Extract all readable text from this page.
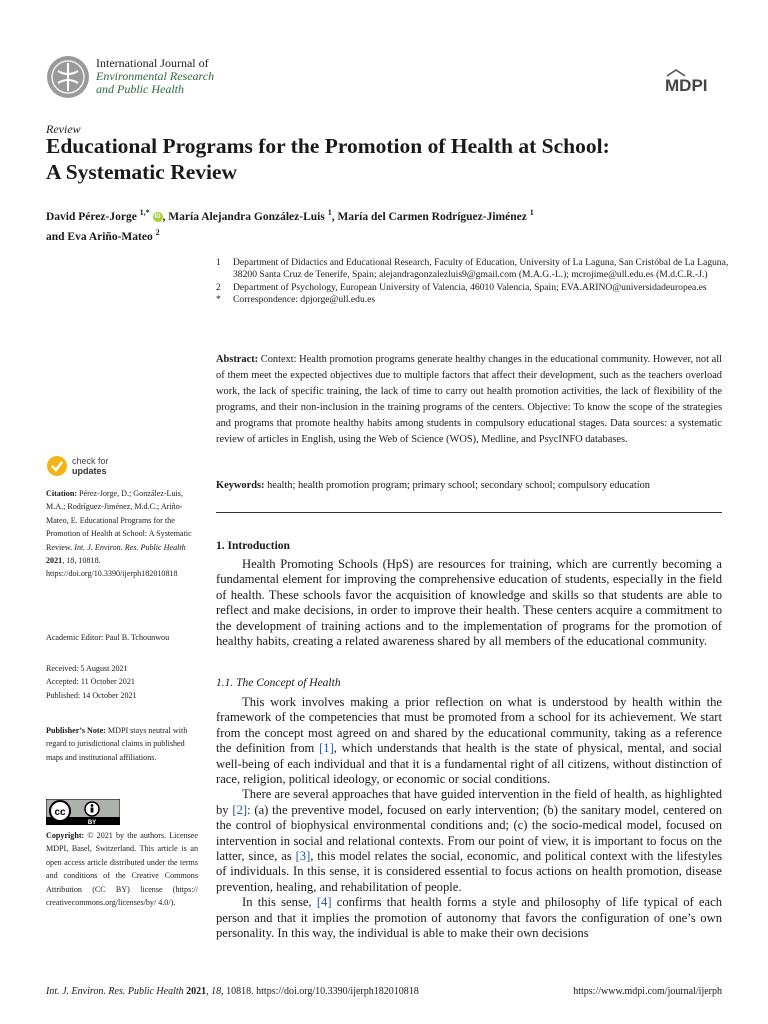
International Journal of
Environmental Research
and Public Health	MDPI
Review
Educational Programs for the Promotion of Health at School:
A Systematic Review
David Pérez-Jorge $^{1,*}$ iD , María Alejandra González-Luis $^1$, María del Carmen Rodríguez-Jiménez $^1$
and Eva Ariño-Mateo $^2$
1	Department of Didactics and Educational Research, Faculty of Education, University of La Laguna, San Cristóbal de La Laguna, 38200 Santa Cruz de Tenerife, Spain; alejandragonzalezluis9@gmail.com (M.A.G.-L.); mcrojime@ull.edu.es (M.d.C.R.-J.)
2	Department of Psychology, European University of Valencia, 46010 Valencia, Spain; EVA.ARINO@universidadeuropea.es
*	Correspondence: dpjorge@ull.edu.es
Abstract: Context: Health promotion programs generate healthy changes in the educational community. However, not all of them meet the expected objectives due to multiple factors that affect their development, such as the teachers overload work, the lack of specific training, the lack of time to carry out health promotion activities, the lack of flexibility of the programs, and their non-inclusion in the training programs of the centers. Objective: To know the scope of the strategies and programs that promote healthy habits among students in compulsory educational stages. Data sources: a systematic review of articles in English, using the Web of Science (WOS), Medline, and PsycINFO databases.
Keywords: health; health promotion program; primary school; secondary school; compulsory education
1. Introduction

Health Promoting Schools (HpS) are resources for training, which are currently becoming a fundamental element for improving the comprehensive education of students, especially in the field of health. These schools favor the acquisition of knowledge and skills so that students are able to reflect and make decisions, in order to improve their health. These centers acquire a commitment to the development of training actions and to the implementation of programs for the promotion of healthy habits, creating a related awareness shared by all members of the educational community.

1.1. The Concept of Health

This work involves making a prior reflection on what is understood by health within the framework of the competencies that must be promoted from a school for its achievement. We start from the concept most agreed on and shared by the educational community, taking as a reference the definition from [1], which understands that health is the state of physical, mental, and social well-being of each individual and that it is a fundamental right of all citizens, without distinction of race, religion, political ideology, or economic or social conditions.

There are several approaches that have guided intervention in the field of health, as highlighted by [2]: (a) the preventive model, focused on early intervention; (b) the sanitary model, centered on the control of biophysical environmental conditions and; (c) the socio-medical model, focused on intervention in social and relational contexts. From our point of view, it is important to focus on the latter, since, as [3], this model relates the social, economic, and political context with the lifestyles of individuals. In this sense, it is considered essential to focus actions on health promotion, disease prevention, healing, and rehabilitation of people.

In this sense, [4] confirms that health forms a style and philosophy of life typical of each person and that it implies the promotion of autonomy that favors the configuration of one’s own personality. In this way, the individual is able to make their own decisions

check for
updates
Citation: Pérez-Jorge, D.; González-Luis, M.A.; Rodríguez-Jiménez, M.d.C.; Ariño-Mateo, E. Educational Programs for the Promotion of Health at School: A Systematic Review. Int. J. Environ. Res. Public Health 2021, 18, 10818. https://doi.org/10.3390/ijerph182010818
Academic Editor: Paul B. Tchounwou
Received: 5 August 2021
Accepted: 11 October 2021
Published: 14 October 2021
Publisher’s Note: MDPI stays neutral with regard to jurisdictional claims in published maps and institutional affiliations.
cc
BY
Copyright: © 2021 by the authors. Licensee MDPI, Basel, Switzerland. This article is an open access article distributed under the terms and conditions of the Creative Commons Attribution (CC BY) license (https:// creativecommons.org/licenses/by/ 4.0/).
Int. J. Environ. Res. Public Health 2021, 18, 10818. https://doi.org/10.3390/ijerph182010818	https://www.mdpi.com/journal/ijerph
